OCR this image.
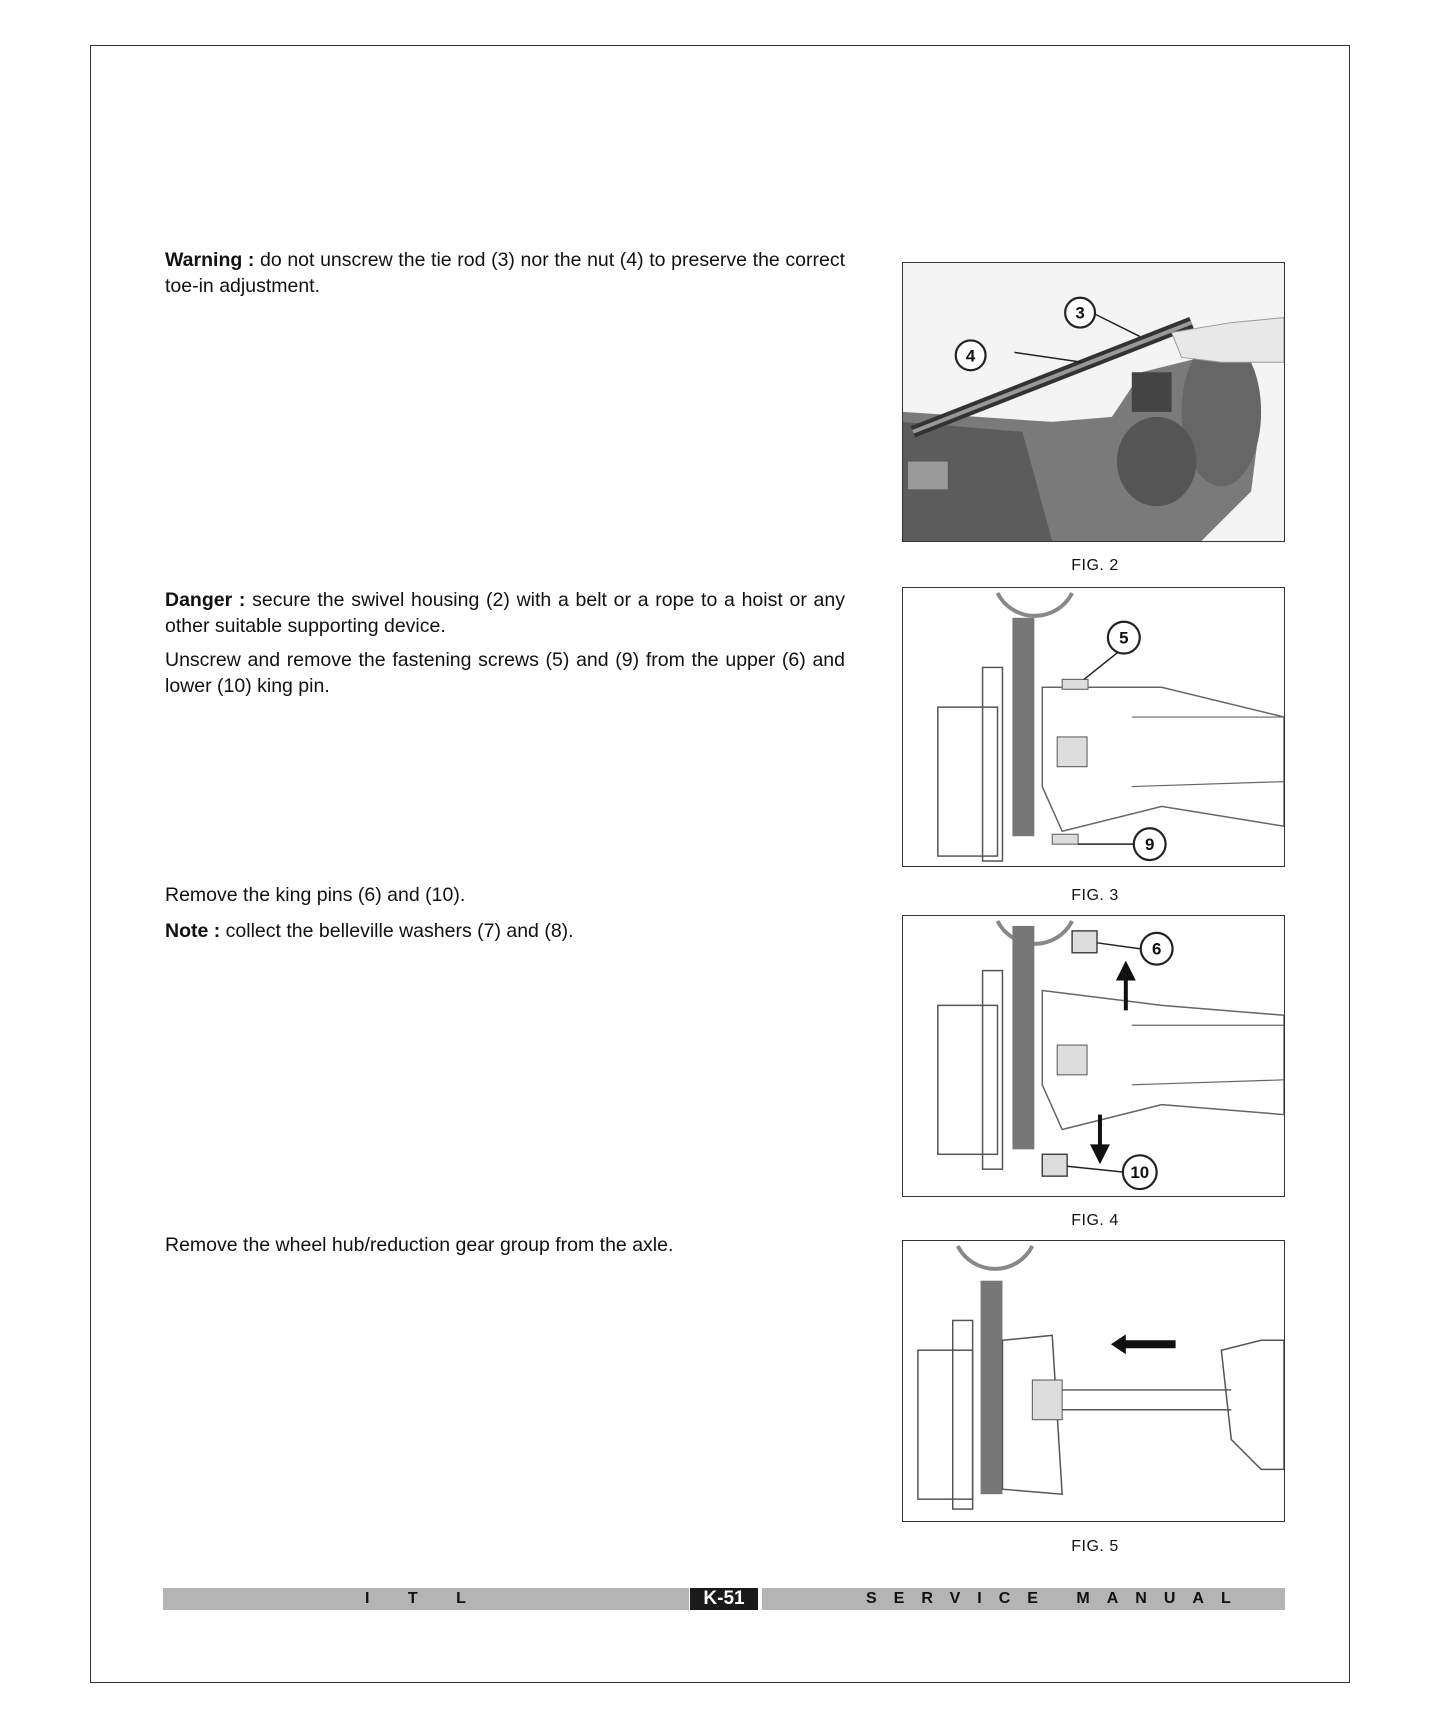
Warning : do not unscrew the tie rod (3) nor the nut (4) to preserve the correct toe-in adjustment.

3
4
FIG. 2

Danger : secure the swivel housing (2) with a belt or a rope to a hoist or any other suitable supporting device.

Unscrew and remove the fastening screws (5) and (9) from the upper (6) and lower (10) king pin.

5
9
FIG. 3

Remove the king pins (6) and (10).

Note : collect the belleville washers (7) and (8).

6
10
FIG. 4

Remove the wheel hub/reduction gear group from the axle.

FIG. 5
I T L	K-51	SERVICE MANUAL
